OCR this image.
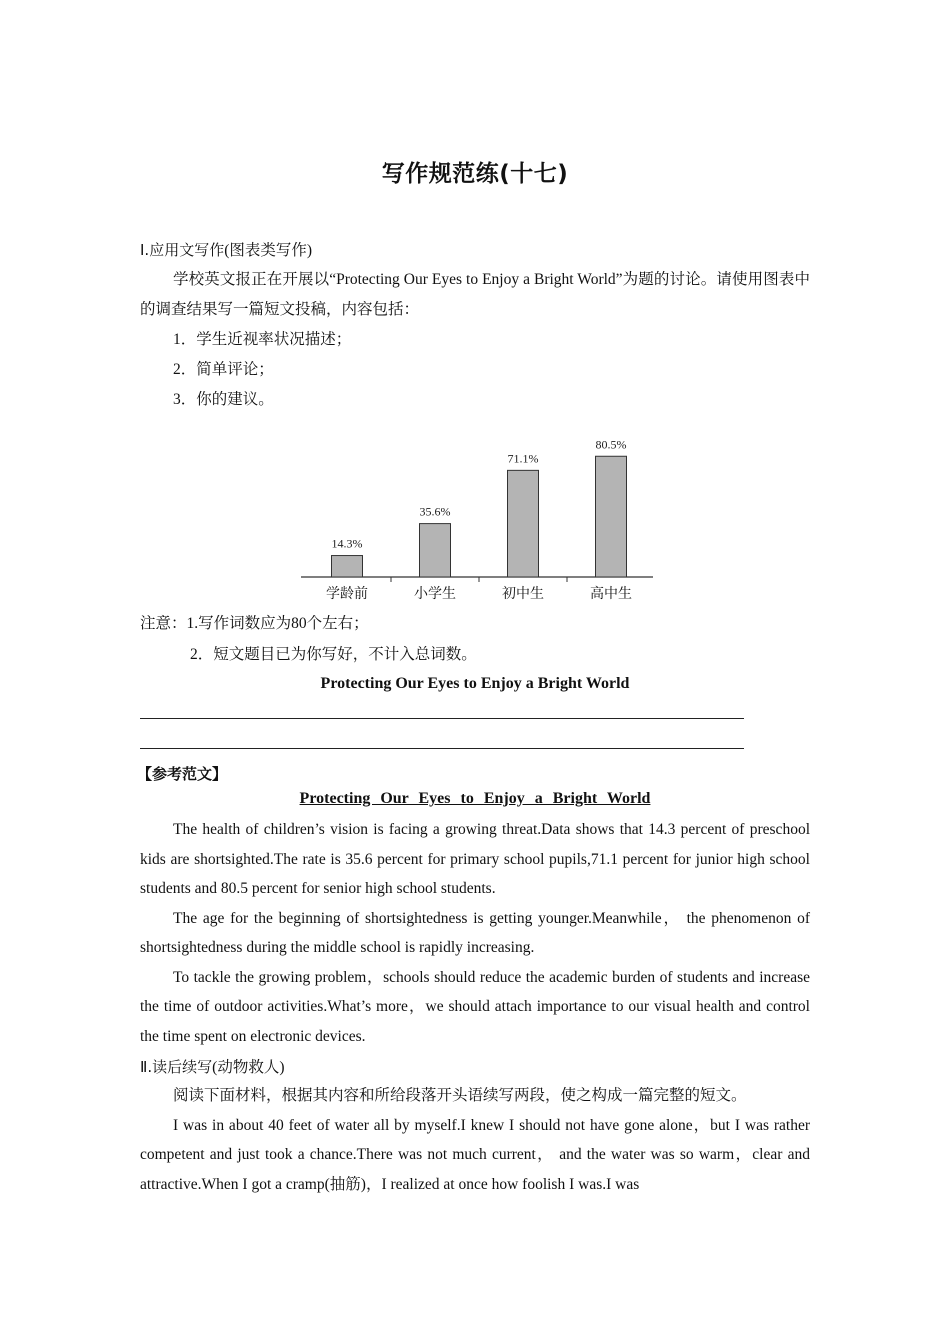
写作规范练(十七)
Ⅰ.应用文写作(图表类写作)

学校英文报正在开展以“Protecting Our Eyes to Enjoy a Bright World”为题的讨论。请使用图表中的调查结果写一篇短文投稿，内容包括：

1．学生近视率状况描述；
2．简单评论；
3．你的建议。
14.3%
学龄前
35.6%
小学生
71.1%
初中生
80.5%
高中生
注意：1.写作词数应为80个左右；
2．短文题目已为你写好，不计入总词数。
Protecting Our Eyes to Enjoy a Bright World
【参考范文】
Protecting Our Eyes to Enjoy a Bright World

The health of children’s vision is facing a growing threat.Data shows that 14.3 percent of preschool kids are shortsighted.The rate is 35.6 percent for primary school pupils,71.1 percent for junior high school students and 80.5 percent for senior high school students.

The age for the beginning of shortsightedness is getting younger.Meanwhile， the phenomenon of shortsightedness during the middle school is rapidly increasing.

To tackle the growing problem，schools should reduce the academic burden of students and increase the time of outdoor activities.What’s more，we should attach importance to our visual health and control the time spent on electronic devices.

Ⅱ.读后续写(动物救人)

阅读下面材料，根据其内容和所给段落开头语续写两段，使之构成一篇完整的短文。

I was in about 40 feet of water all by myself.I knew I should not have gone alone，but I was rather competent and just took a chance.There was not much current， and the water was so warm，clear and attractive.When I got a cramp(抽筋)，I realized at once how foolish I was.I was
